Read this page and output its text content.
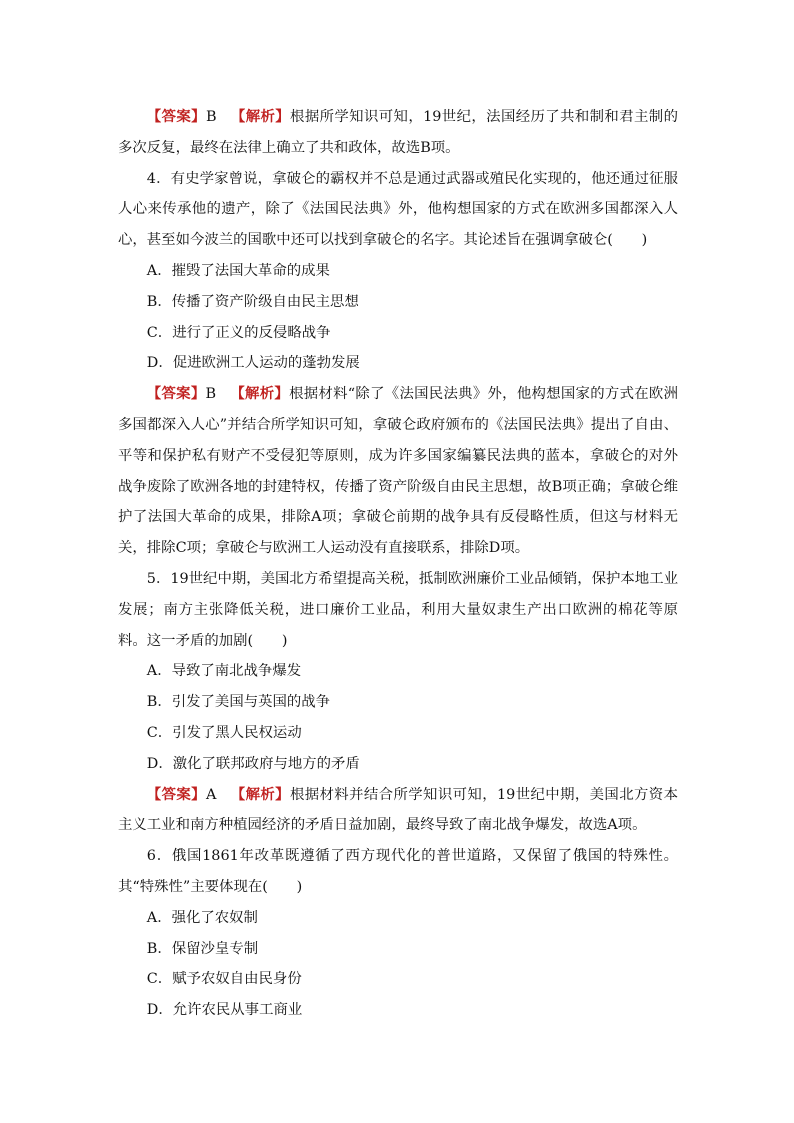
【答案】B 【解析】根据所学知识可知，19世纪，法国经历了共和制和君主制的多次反复，最终在法律上确立了共和政体，故选B项。

4．有史学家曾说，拿破仑的霸权并不总是通过武器或殖民化实现的，他还通过征服人心来传承他的遗产，除了《法国民法典》外，他构想国家的方式在欧洲多国都深入人心，甚至如今波兰的国歌中还可以找到拿破仑的名字。其论述旨在强调拿破仑(　　)

A．摧毁了法国大革命的成果

B．传播了资产阶级自由民主思想

C．进行了正义的反侵略战争

D．促进欧洲工人运动的蓬勃发展

【答案】B 【解析】根据材料“除了《法国民法典》外，他构想国家的方式在欧洲多国都深入人心”并结合所学知识可知，拿破仑政府颁布的《法国民法典》提出了自由、平等和保护私有财产不受侵犯等原则，成为许多国家编纂民法典的蓝本，拿破仑的对外战争废除了欧洲各地的封建特权，传播了资产阶级自由民主思想，故B项正确；拿破仑维护了法国大革命的成果，排除A项；拿破仑前期的战争具有反侵略性质，但这与材料无关，排除C项；拿破仑与欧洲工人运动没有直接联系，排除D项。

5．19世纪中期，美国北方希望提高关税，抵制欧洲廉价工业品倾销，保护本地工业发展；南方主张降低关税，进口廉价工业品，利用大量奴隶生产出口欧洲的棉花等原料。这一矛盾的加剧(　　)

A．导致了南北战争爆发

B．引发了美国与英国的战争

C．引发了黑人民权运动

D．激化了联邦政府与地方的矛盾

【答案】A 【解析】根据材料并结合所学知识可知，19世纪中期，美国北方资本主义工业和南方种植园经济的矛盾日益加剧，最终导致了南北战争爆发，故选A项。

6．俄国1861年改革既遵循了西方现代化的普世道路，又保留了俄国的特殊性。其“特殊性”主要体现在(　　)

A．强化了农奴制

B．保留沙皇专制

C．赋予农奴自由民身份

D．允许农民从事工商业
